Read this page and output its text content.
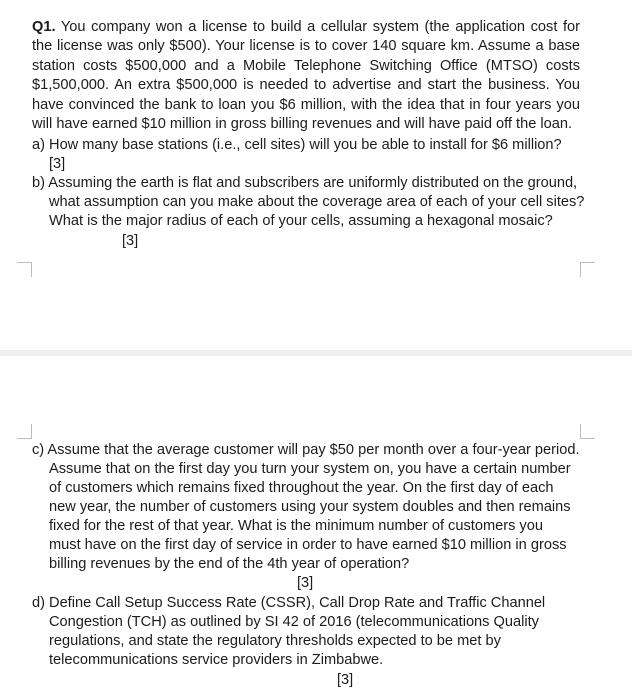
Q1. You company won a license to build a cellular system (the application cost for the license was only $500). Your license is to cover 140 square km. Assume a base station costs $500,000 and a Mobile Telephone Switching Office (MTSO) costs $1,500,000. An extra $500,000 is needed to advertise and start the business. You have convinced the bank to loan you $6 million, with the idea that in four years you will have earned $10 million in gross billing revenues and will have paid off the loan.
a) How many base stations (i.e., cell sites) will you be able to install for $6 million?
[3]
b) Assuming the earth is flat and subscribers are uniformly distributed on the ground,
what assumption can you make about the coverage area of each of your cell sites?
What is the major radius of each of your cells, assuming a hexagonal mosaic?
[3]
c) Assume that the average customer will pay $50 per month over a four-year period.
Assume that on the first day you turn your system on, you have a certain number
of customers which remains fixed throughout the year. On the first day of each
new year, the number of customers using your system doubles and then remains
fixed for the rest of that year. What is the minimum number of customers you
must have on the first day of service in order to have earned $10 million in gross
billing revenues by the end of the 4th year of operation?
[3]
d) Define Call Setup Success Rate (CSSR), Call Drop Rate and Traffic Channel
Congestion (TCH) as outlined by SI 42 of 2016 (telecommunications Quality
regulations, and state the regulatory thresholds expected to be met by
telecommunications service providers in Zimbabwe.
[3]
